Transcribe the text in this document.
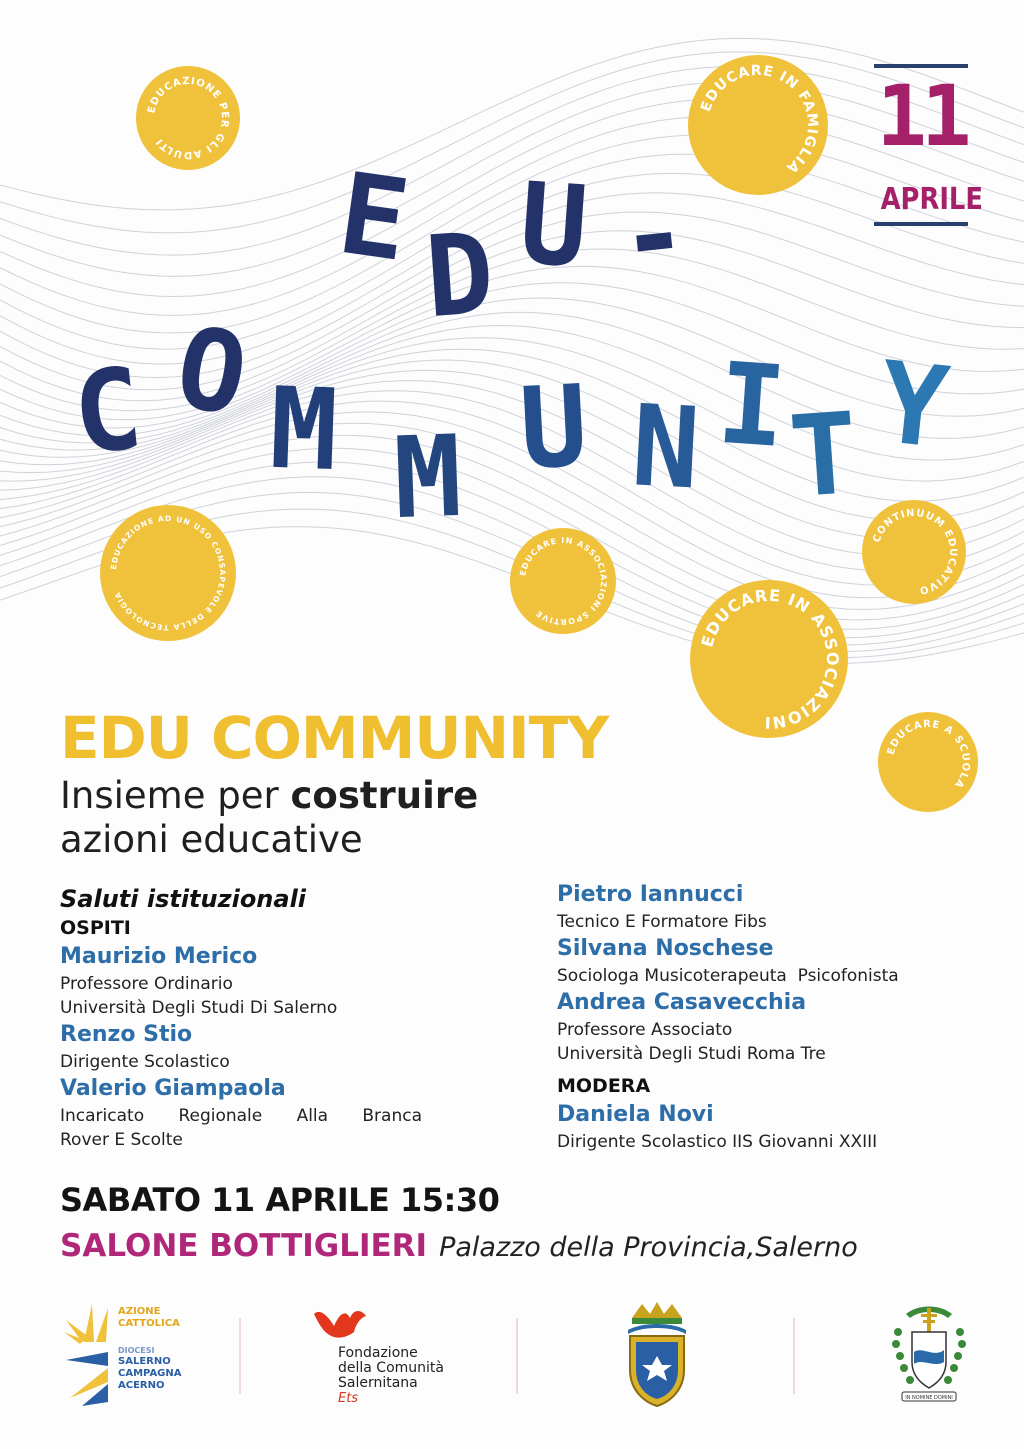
11
APRILE
E D U -
C O M M U N I
T Y
EDUCAZIONE PER GLI ADULTI
EDUCARE IN FAMIGLIA
EDUCAZIONE AD UN USO CONSAPEVOLE DELLA TECNOLOGIA
EDUCARE IN ASSOCIAZIONI SPORTIVE
CONTINUUM EDUCATIVO
EDUCARE IN ASSOCIAZIONI
EDUCARE A SCUOLA
EDU COMMUNITY
Insieme per costruire
azioni educative
Saluti istituzionali
OSPITI
Maurizio Merico
Professore Ordinario
Università Degli Studi Di Salerno
Renzo Stio
Dirigente Scolastico
Valerio Giampaola
Incaricato Regionale Alla Branca
Rover E Scolte
Pietro Iannucci
Tecnico E Formatore Fibs
Silvana Noschese
Sociologa Musicoterapeuta  Psicofonista
Andrea Casavecchia
Professore Associato
Università Degli Studi Roma Tre
MODERA
Daniela Novi
Dirigente Scolastico IIS Giovanni XXIII
SABATO 11 APRILE 15:30
SALONE BOTTIGLIERI Palazzo della Provincia,Salerno
AZIONE
CATTOLICA
DIOCESI
SALERNO
CAMPAGNA
ACERNO
Fondazione
della Comunità
Salernitana
Ets	IN NOMINE DOMINI
